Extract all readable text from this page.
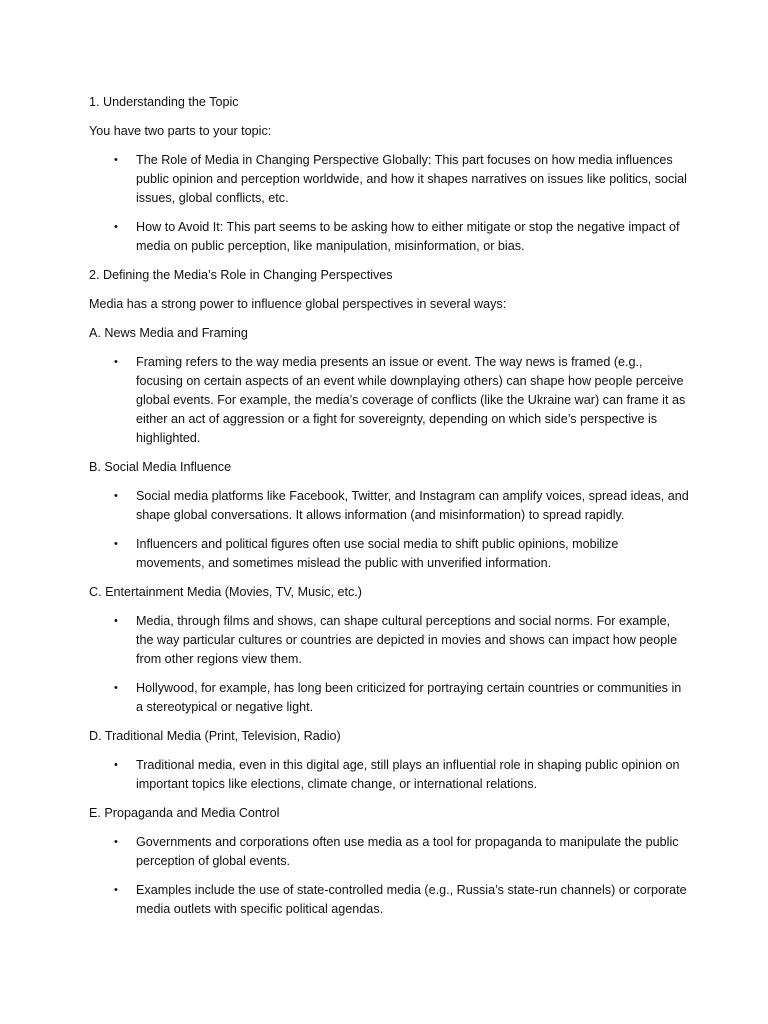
1. Understanding the Topic

You have two parts to your topic:

• The Role of Media in Changing Perspective Globally: This part focuses on how media influences public opinion and perception worldwide, and how it shapes narratives on issues like politics, social issues, global conflicts, etc.
• How to Avoid It: This part seems to be asking how to either mitigate or stop the negative impact of media on public perception, like manipulation, misinformation, or bias.

2. Defining the Media’s Role in Changing Perspectives

Media has a strong power to influence global perspectives in several ways:

A. News Media and Framing

• Framing refers to the way media presents an issue or event. The way news is framed (e.g., focusing on certain aspects of an event while downplaying others) can shape how people perceive global events. For example, the media’s coverage of conflicts (like the Ukraine war) can frame it as either an act of aggression or a fight for sovereignty, depending on which side’s perspective is highlighted.

B. Social Media Influence

• Social media platforms like Facebook, Twitter, and Instagram can amplify voices, spread ideas, and shape global conversations. It allows information (and misinformation) to spread rapidly.
• Influencers and political figures often use social media to shift public opinions, mobilize movements, and sometimes mislead the public with unverified information.

C. Entertainment Media (Movies, TV, Music, etc.)

• Media, through films and shows, can shape cultural perceptions and social norms. For example, the way particular cultures or countries are depicted in movies and shows can impact how people from other regions view them.
• Hollywood, for example, has long been criticized for portraying certain countries or communities in a stereotypical or negative light.

D. Traditional Media (Print, Television, Radio)

• Traditional media, even in this digital age, still plays an influential role in shaping public opinion on important topics like elections, climate change, or international relations.

E. Propaganda and Media Control

• Governments and corporations often use media as a tool for propaganda to manipulate the public perception of global events.
• Examples include the use of state-controlled media (e.g., Russia’s state-run channels) or corporate media outlets with specific political agendas.
